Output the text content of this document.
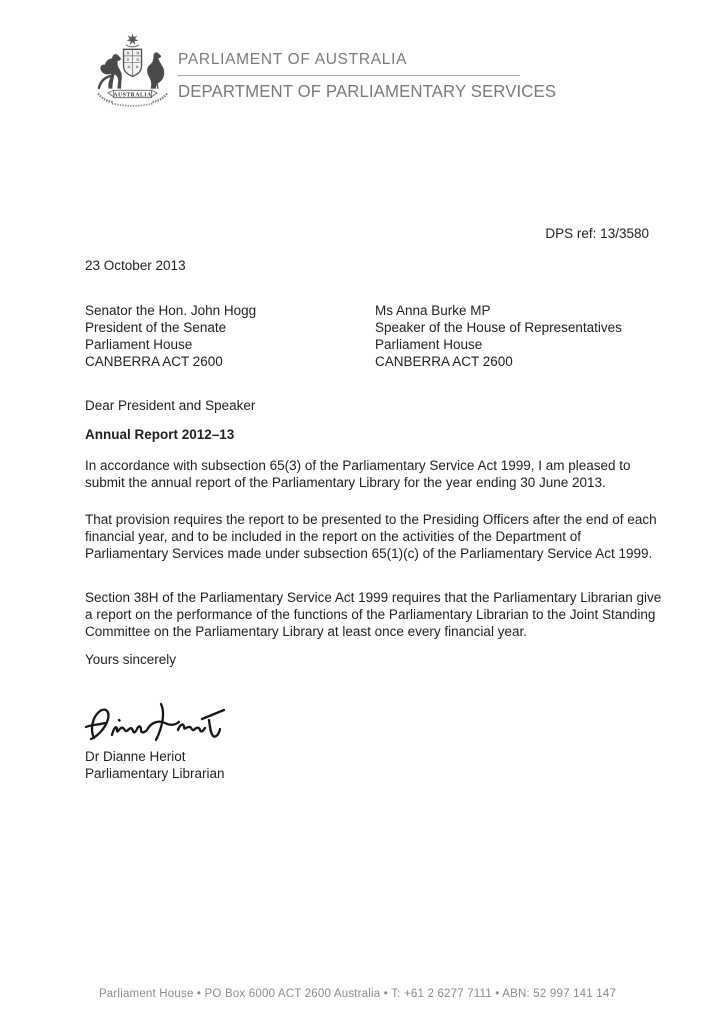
AUSTRALIA
PARLIAMENT OF AUSTRALIA
DEPARTMENT OF PARLIAMENTARY SERVICES
DPS ref: 13/3580
23 October 2013
Senator the Hon. John Hogg
President of the Senate
Parliament House
CANBERRA ACT 2600
Ms Anna Burke MP
Speaker of the House of Representatives
Parliament House
CANBERRA ACT 2600
Dear President and Speaker
Annual Report 2012–13

In accordance with subsection 65(3) of the Parliamentary Service Act 1999, I am pleased to submit the annual report of the Parliamentary Library for the year ending 30 June 2013.

That provision requires the report to be presented to the Presiding Officers after the end of each financial year, and to be included in the report on the activities of the Department of Parliamentary Services made under subsection 65(1)(c) of the Parliamentary Service Act 1999.

Section 38H of the Parliamentary Service Act 1999 requires that the Parliamentary Librarian give a report on the performance of the functions of the Parliamentary Librarian to the Joint Standing Committee on the Parliamentary Library at least once every financial year.

Yours sincerely
Dr Dianne Heriot
Parliamentary Librarian
Parliament House • PO Box 6000 ACT 2600 Australia • T: +61 2 6277 7111 • ABN: 52 997 141 147
